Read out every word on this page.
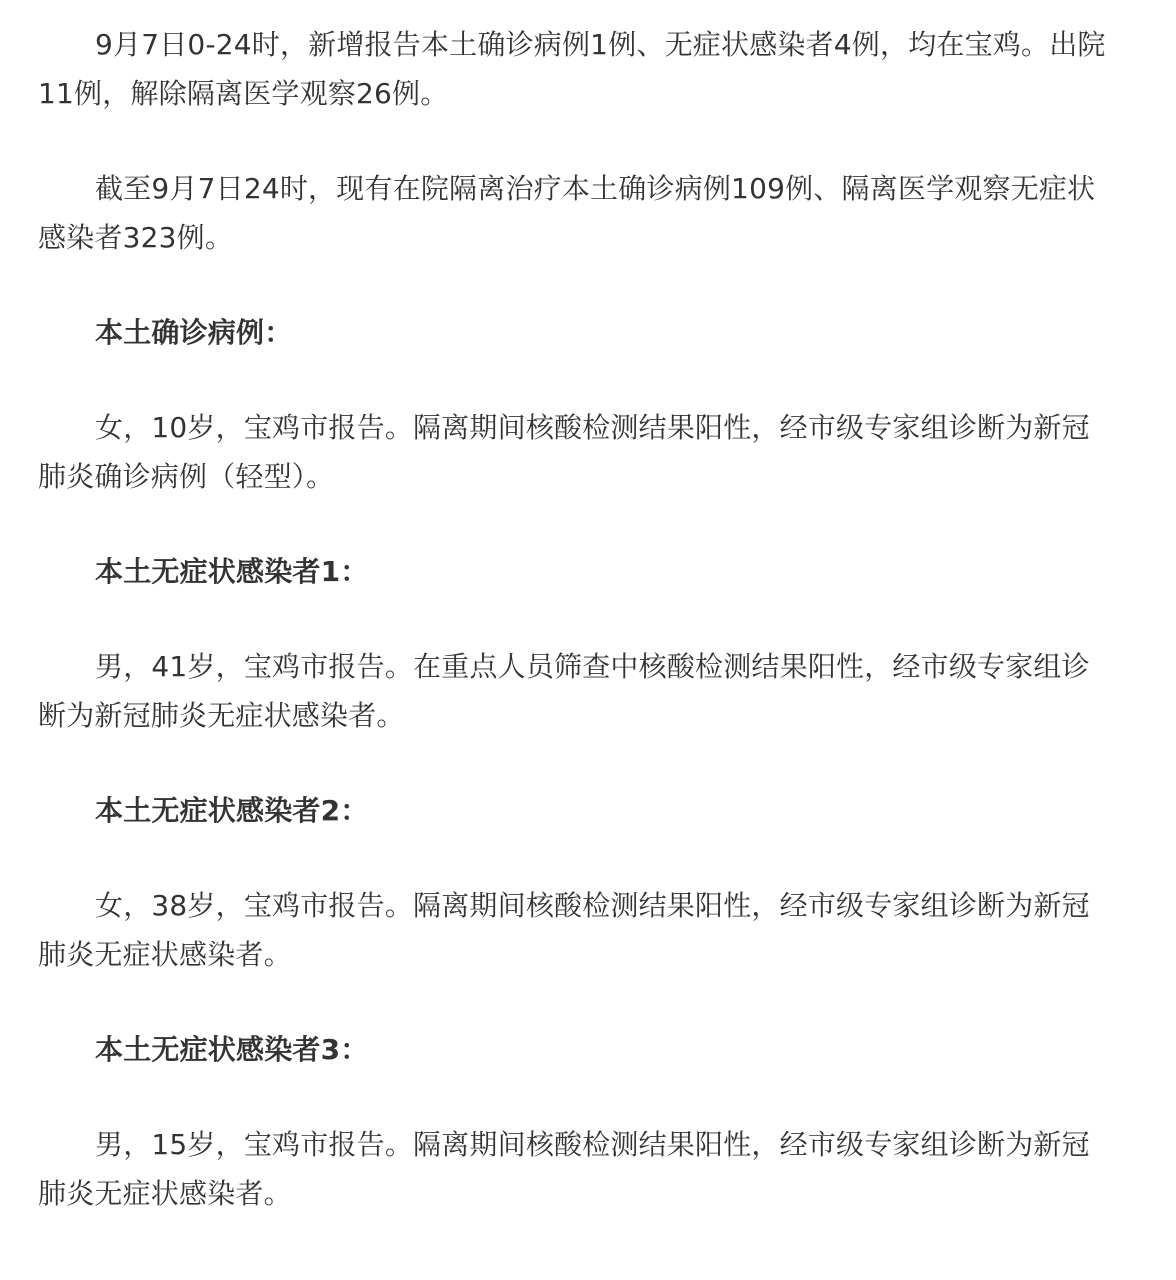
9月7日0-24时，新增报告本土确诊病例1例、无症状感染者4例，均在宝鸡。出院11例，解除隔离医学观察26例。

截至9月7日24时，现有在院隔离治疗本土确诊病例109例、隔离医学观察无症状感染者323例。

本土确诊病例：

女，10岁，宝鸡市报告。隔离期间核酸检测结果阳性，经市级专家组诊断为新冠肺炎确诊病例（轻型）。

本土无症状感染者1：

男，41岁，宝鸡市报告。在重点人员筛查中核酸检测结果阳性，经市级专家组诊断为新冠肺炎无症状感染者。

本土无症状感染者2：

女，38岁，宝鸡市报告。隔离期间核酸检测结果阳性，经市级专家组诊断为新冠肺炎无症状感染者。

本土无症状感染者3：

男，15岁，宝鸡市报告。隔离期间核酸检测结果阳性，经市级专家组诊断为新冠肺炎无症状感染者。
